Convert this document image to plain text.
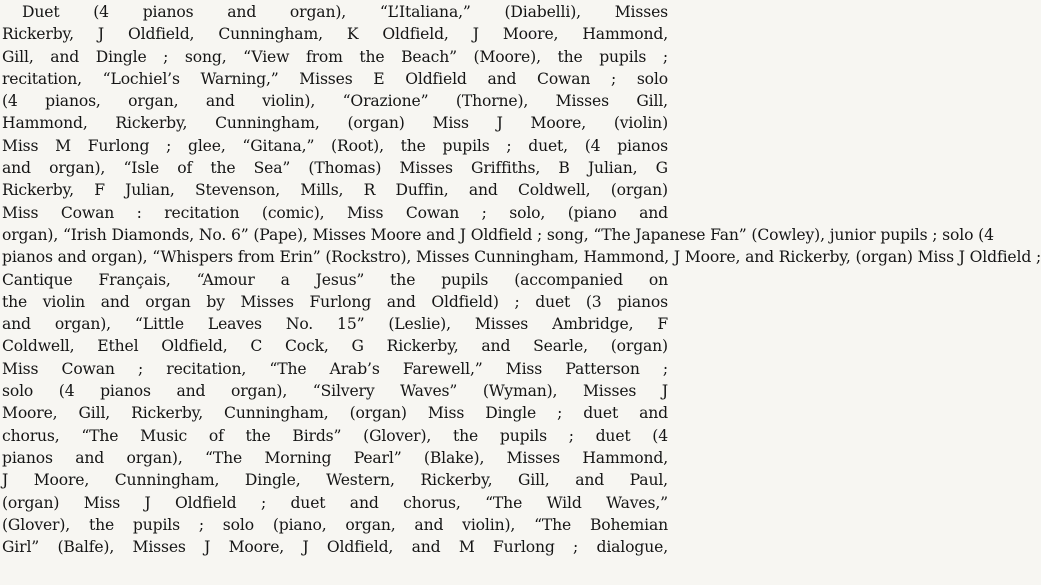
Duet (4 pianos and organ), “L’Italiana,” (Diabelli), Misses
Rickerby, J Oldfield, Cunningham, K Oldfield, J Moore, Hammond,
Gill, and Dingle ; song, “View from the Beach” (Moore), the pupils ;
recitation, “Lochiel’s Warning,” Misses E Oldfield and Cowan ; solo
(4 pianos, organ, and violin), “Orazione” (Thorne), Misses Gill,
Hammond, Rickerby, Cunningham, (organ) Miss J Moore, (violin)
Miss M Furlong ; glee, “Gitana,” (Root), the pupils ; duet, (4 pianos
and organ), “Isle of the Sea” (Thomas) Misses Griffiths, B Julian, G
Rickerby, F Julian, Stevenson, Mills, R Duffin, and Coldwell, (organ)
Miss Cowan : recitation (comic), Miss Cowan ; solo, (piano and
organ), “Irish Diamonds, No. 6” (Pape), Misses Moore and J Oldfield ; song, “The Japanese Fan” (Cowley), junior pupils ; solo (4
pianos and organ), “Whispers from Erin” (Rockstro), Misses Cunningham, Hammond, J Moore, and Rickerby, (organ) Miss J Oldfield ;
Cantique Français, “Amour a Jesus” the pupils (accompanied on
the violin and organ by Misses Furlong and Oldfield) ; duet (3 pianos
and organ), “Little Leaves No. 15” (Leslie), Misses Ambridge, F
Coldwell, Ethel Oldfield, C Cock, G Rickerby, and Searle, (organ)
Miss Cowan ; recitation, “The Arab’s Farewell,” Miss Patterson ;
solo (4 pianos and organ), “Silvery Waves” (Wyman), Misses J
Moore, Gill, Rickerby, Cunningham, (organ) Miss Dingle ; duet and
chorus, “The Music of the Birds” (Glover), the pupils ; duet (4
pianos and organ), “The Morning Pearl” (Blake), Misses Hammond,
J Moore, Cunningham, Dingle, Western, Rickerby, Gill, and Paul,
(organ) Miss J Oldfield ; duet and chorus, “The Wild Waves,”
(Glover), the pupils ; solo (piano, organ, and violin), “The Bohemian
Girl” (Balfe), Misses J Moore, J Oldfield, and M Furlong ; dialogue,
